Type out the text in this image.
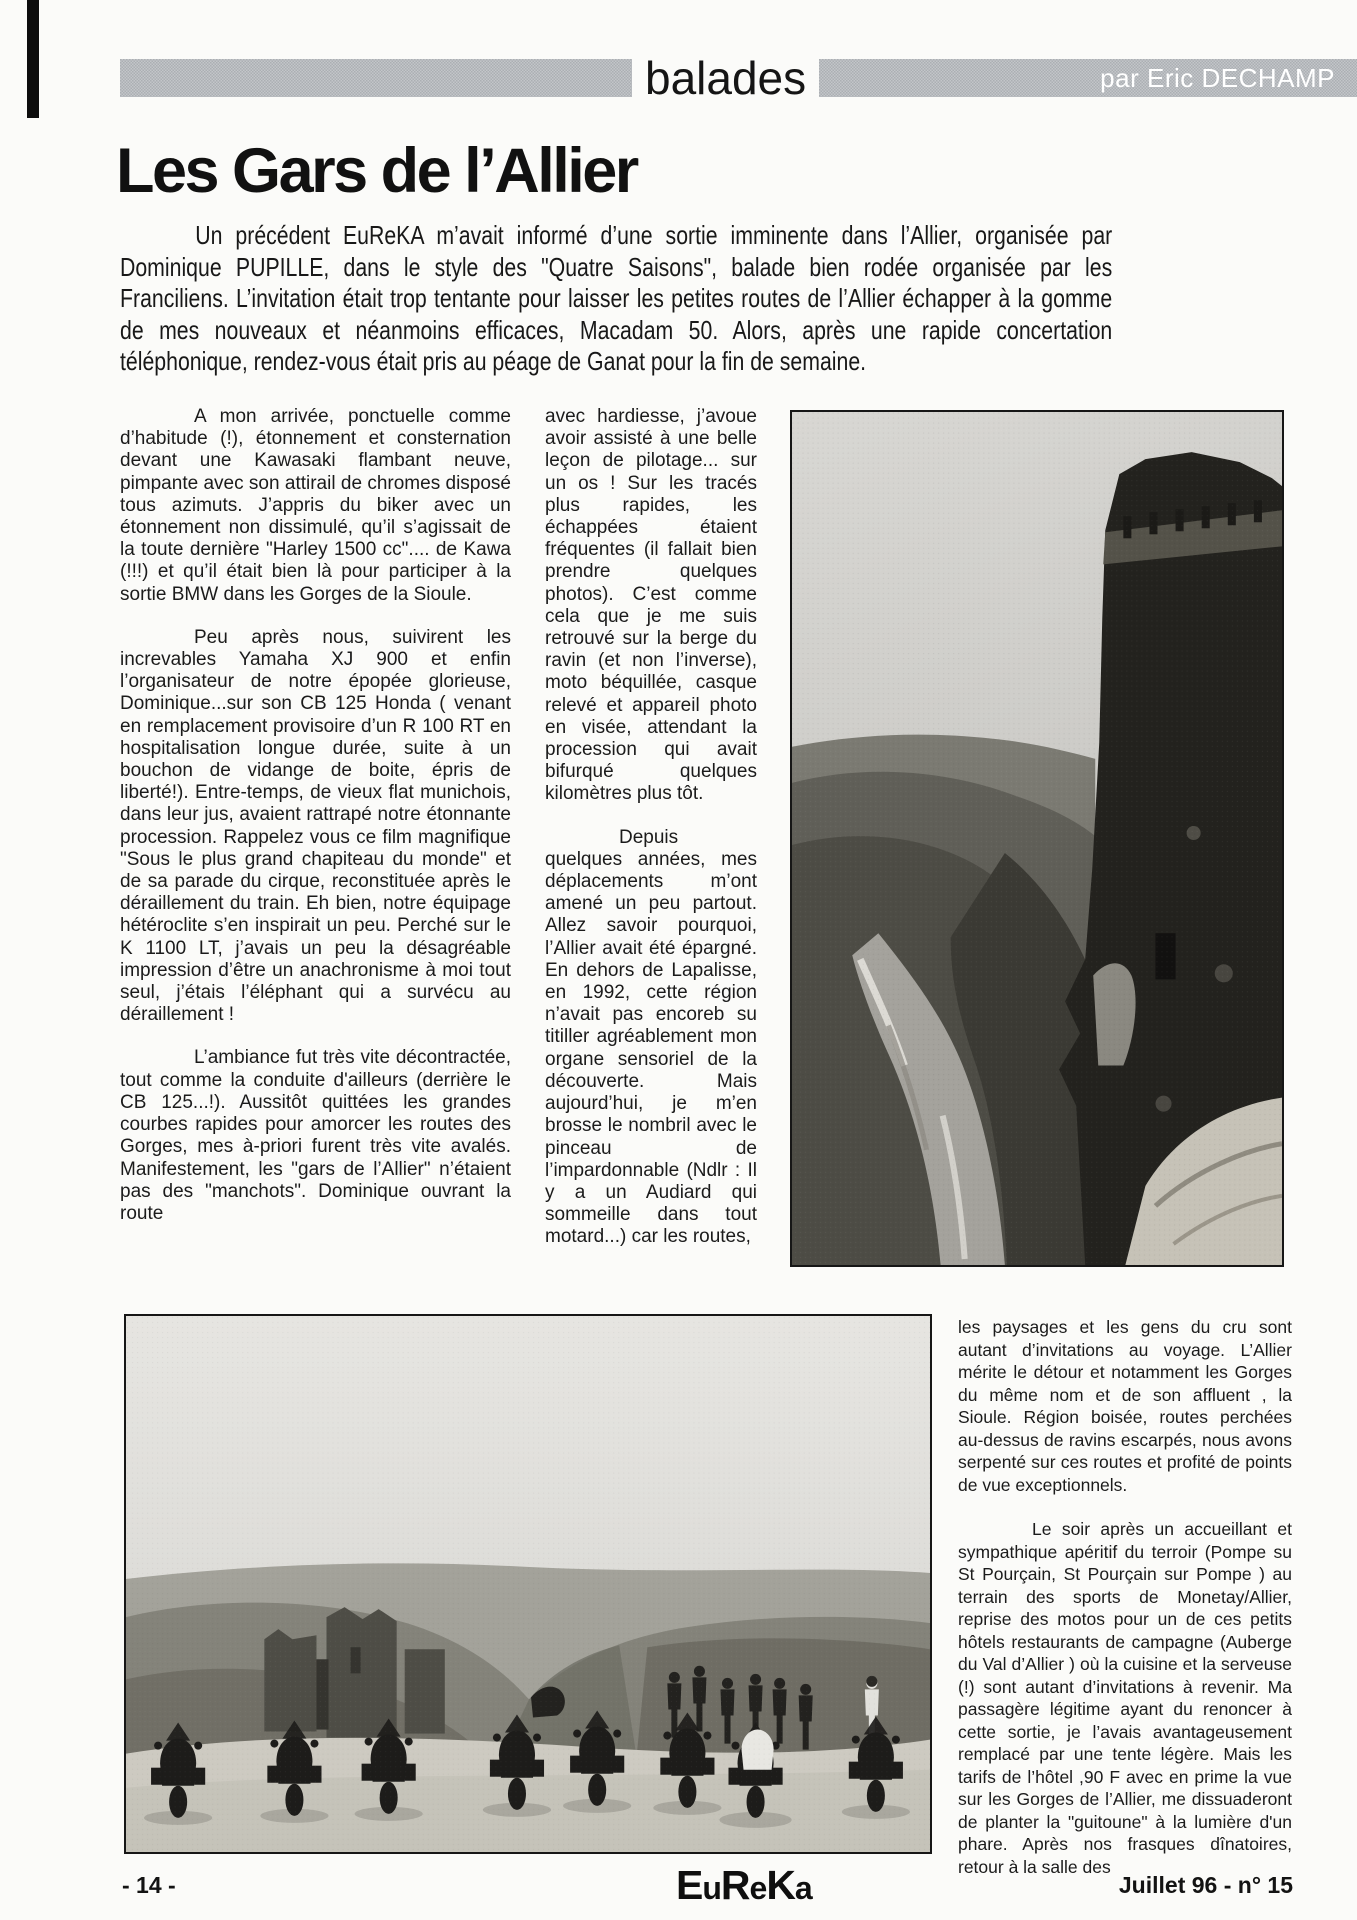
balades	par Eric DECHAMP
Les Gars de l’Allier

Un précédent EuReKA m’avait informé d’une sortie imminente dans l’Allier, organisée par Dominique PUPILLE, dans le style des "Quatre Saisons", balade bien rodée organisée par les Franciliens. L’invitation était trop tentante pour laisser les petites routes de l’Allier échapper à la gomme de mes nouveaux et néanmoins efficaces, Macadam 50. Alors, après une rapide concertation téléphonique, rendez-vous était pris au péage de Ganat pour la fin de semaine.

A mon arrivée, ponctuelle comme d’habitude (!), étonnement et consternation devant une Kawasaki flambant neuve, pimpante avec son attirail de chromes disposé tous azimuts. J’appris du biker avec un étonnement non dissimulé, qu’il s’agissait de la toute dernière "Harley 1500 cc".... de Kawa (!!!) et qu’il était bien là pour participer à la sortie BMW dans les Gorges de la Sioule.

Peu après nous, suivirent les increvables Yamaha XJ 900 et enfin l’organisateur de notre épopée glorieuse, Dominique...sur son CB 125 Honda ( venant en remplacement provisoire d’un R 100 RT en hospitalisation longue durée, suite à un bouchon de vidange de boite, épris de liberté!). Entre-temps, de vieux flat munichois, dans leur jus, avaient rattrapé notre étonnante procession. Rappelez vous ce film magnifique "Sous le plus grand chapiteau du monde" et de sa parade du cirque, reconstituée après le déraillement du train. Eh bien, notre équipage hétéroclite s’en inspirait un peu. Perché sur le K 1100 LT, j’avais un peu la désagréable impression d’être un anachronisme à moi tout seul, j’étais l’éléphant qui a survécu au déraillement !

L’ambiance fut très vite décontractée, tout comme la conduite d'ailleurs (derrière le CB 125...!). Aussitôt quittées les grandes courbes rapides pour amorcer les routes des Gorges, mes à-priori furent très vite avalés. Manifestement, les "gars de l’Allier" n’étaient pas des "manchots". Dominique ouvrant la route

avec hardiesse, j’avoue avoir assisté à une belle leçon de pilotage... sur un os ! Sur les tracés plus rapides, les échappées étaient fréquentes (il fallait bien prendre quelques photos). C’est comme cela que je me suis retrouvé sur la berge du ravin (et non l’inverse), moto béquillée, casque relevé et appareil photo en visée, attendant la procession qui avait bifurqué quelques kilomètres plus tôt.

Depuis quelques années, mes déplacements m’ont amené un peu partout. Allez savoir pourquoi, l’Allier avait été épargné. En dehors de Lapalisse, en 1992, cette région n’avait pas encoreb su titiller agréablement mon organe sensoriel de la découverte. Mais aujourd’hui, je m’en brosse le nombril avec le pinceau de l’impardonnable (Ndlr : Il y a un Audiard qui sommeille dans tout motard...) car les routes,

les paysages et les gens du cru sont autant d’invitations au voyage. L’Allier mérite le détour et notamment les Gorges du même nom et de son affluent , la Sioule. Région boisée, routes perchées au-dessus de ravins escarpés, nous avons serpenté sur ces routes et profité de points de vue exceptionnels.

Le soir après un accueillant et sympathique apéritif du terroir (Pompe su St Pourçain, St Pourçain sur Pompe ) au terrain des sports de Monetay/Allier, reprise des motos pour un de ces petits hôtels restaurants de campagne (Auberge du Val d’Allier ) où la cuisine et la serveuse (!) sont autant d’invitations à revenir. Ma passagère légitime ayant du renoncer à cette sortie, je l’avais avantageusement remplacé par une tente légère. Mais les tarifs de l’hôtel ,90 F avec en prime la vue sur les Gorges de l’Allier, me dissuaderont de planter la "guitoune" à la lumière d'un phare. Après nos frasques dînatoires, retour à la salle des

- 14 -	EuReKa	Juillet 96 - n° 15
